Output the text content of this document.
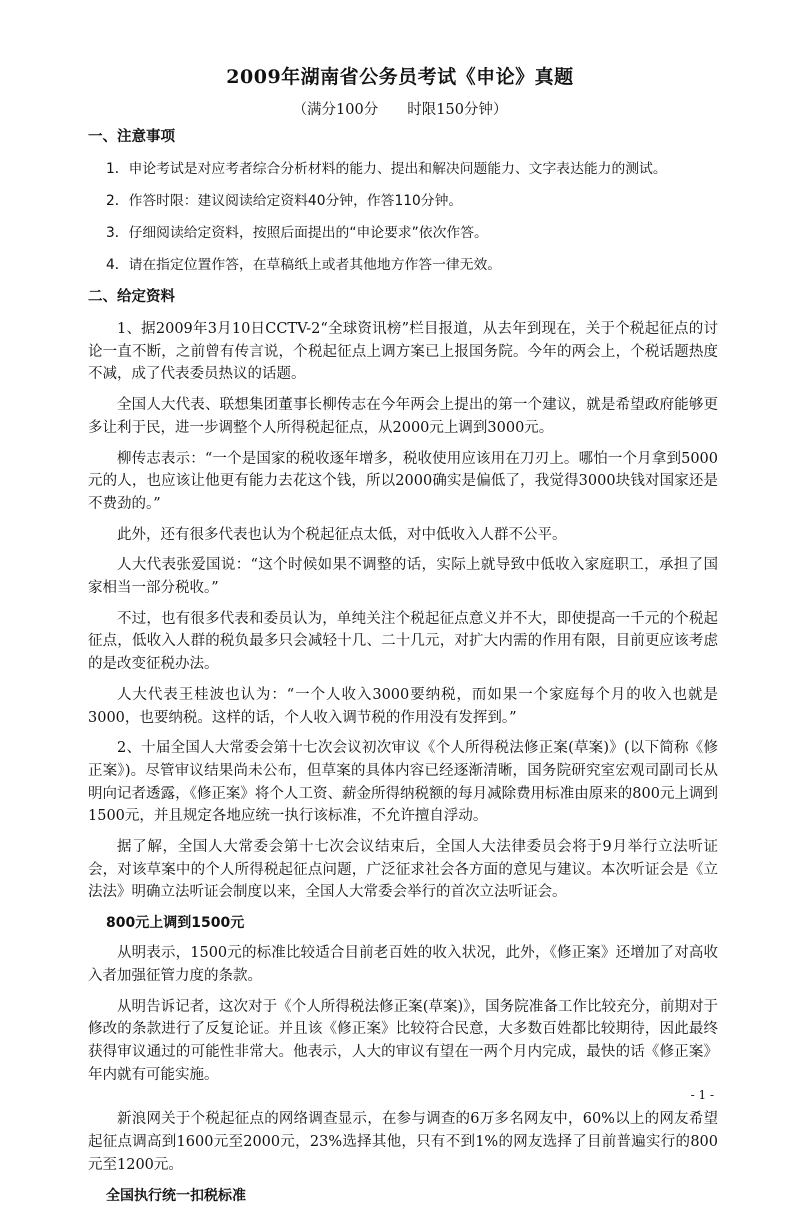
2009年湖南省公务员考试《申论》真题
（满分100分　　时限150分钟）
一、注意事项
1．申论考试是对应考者综合分析材料的能力、提出和解决问题能力、文字表达能力的测试。
2．作答时限：建议阅读给定资料40分钟，作答110分钟。
3．仔细阅读给定资料，按照后面提出的“申论要求”依次作答。
4．请在指定位置作答，在草稿纸上或者其他地方作答一律无效。
二、给定资料

1、据2009年3月10日CCTV-2“全球资讯榜”栏目报道，从去年到现在，关于个税起征点的讨论一直不断，之前曾有传言说，个税起征点上调方案已上报国务院。今年的两会上，个税话题热度不减，成了代表委员热议的话题。

全国人大代表、联想集团董事长柳传志在今年两会上提出的第一个建议，就是希望政府能够更多让利于民，进一步调整个人所得税起征点，从2000元上调到3000元。

柳传志表示：“一个是国家的税收逐年增多，税收使用应该用在刀刃上。哪怕一个月拿到5000元的人，也应该让他更有能力去花这个钱，所以2000确实是偏低了，我觉得3000块钱对国家还是不费劲的。”

此外，还有很多代表也认为个税起征点太低，对中低收入人群不公平。

人大代表张爱国说：“这个时候如果不调整的话，实际上就导致中低收入家庭职工，承担了国家相当一部分税收。”

不过，也有很多代表和委员认为，单纯关注个税起征点意义并不大，即使提高一千元的个税起征点，低收入人群的税负最多只会减轻十几、二十几元，对扩大内需的作用有限，目前更应该考虑的是改变征税办法。

人大代表王桂波也认为：“一个人收入3000要纳税，而如果一个家庭每个月的收入也就是3000，也要纳税。这样的话，个人收入调节税的作用没有发挥到。”

2、十届全国人大常委会第十七次会议初次审议《个人所得税法修正案(草案)》(以下简称《修正案》)。尽管审议结果尚未公布，但草案的具体内容已经逐渐清晰，国务院研究室宏观司副司长从明向记者透露，《修正案》将个人工资、薪金所得纳税额的每月减除费用标准由原来的800元上调到1500元，并且规定各地应统一执行该标准，不允许擅自浮动。

据了解，全国人大常委会第十七次会议结束后，全国人大法律委员会将于9月举行立法听证会，对该草案中的个人所得税起征点问题，广泛征求社会各方面的意见与建议。本次听证会是《立法法》明确立法听证会制度以来，全国人大常委会举行的首次立法听证会。

800元上调到1500元

从明表示，1500元的标准比较适合目前老百姓的收入状况，此外，《修正案》还增加了对高收入者加强征管力度的条款。

从明告诉记者，这次对于《个人所得税法修正案(草案)》，国务院准备工作比较充分，前期对于修改的条款进行了反复论证。并且该《修正案》比较符合民意，大多数百姓都比较期待，因此最终获得审议通过的可能性非常大。他表示，人大的审议有望在一两个月内完成，最快的话《修正案》年内就有可能实施。

新浪网关于个税起征点的网络调查显示，在参与调查的6万多名网友中，60%以上的网友希望起征点调高到1600元至2000元，23%选择其他，只有不到1%的网友选择了目前普遍实行的800元至1200元。

全国执行统一扣税标准
- 1 -
